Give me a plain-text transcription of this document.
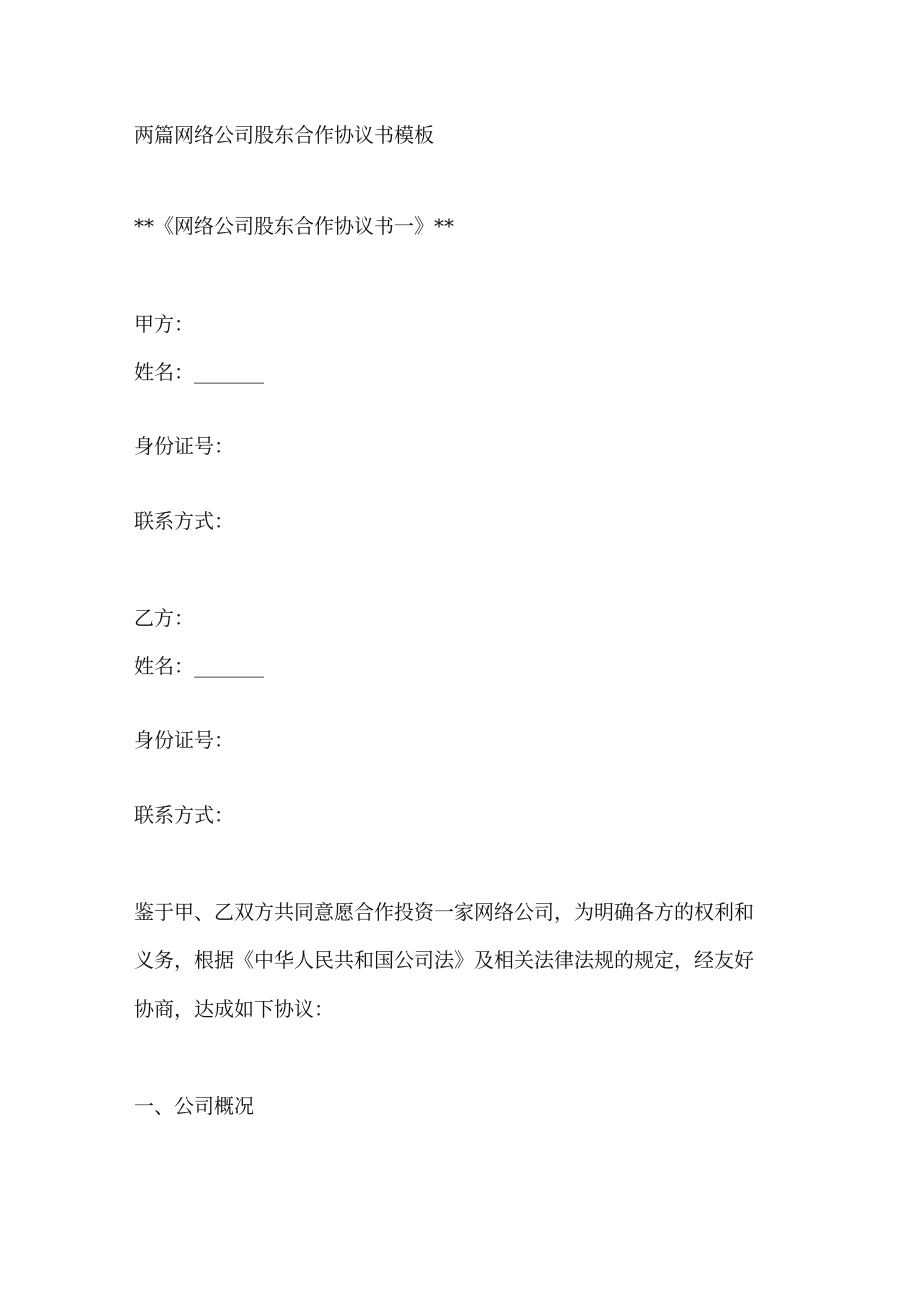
两篇网络公司股东合作协议书模板
**《网络公司股东合作协议书一》**
甲方：
姓名：_______
身份证号：
联系方式：
乙方：
姓名：_______
身份证号：
联系方式：
鉴于甲、乙双方共同意愿合作投资一家网络公司，为明确各方的权利和
义务，根据《中华人民共和国公司法》及相关法律法规的规定，经友好
协商，达成如下协议：
一、公司概况
